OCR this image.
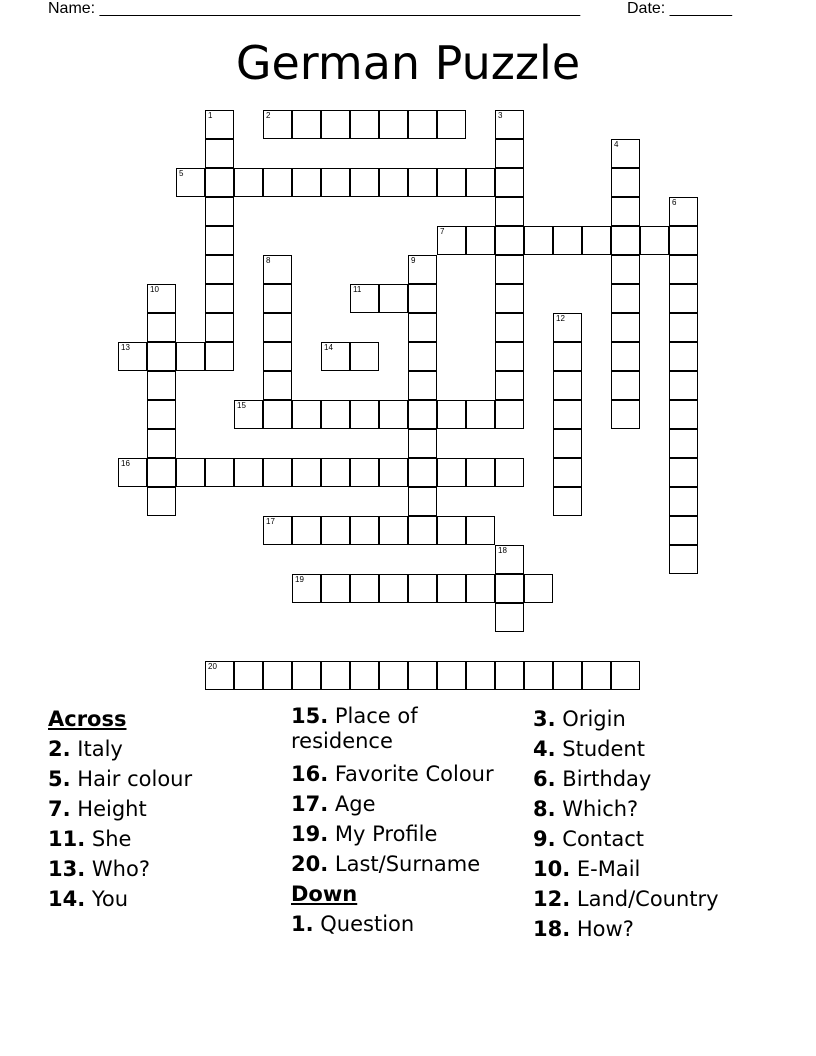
Name: ______________________________________________________	Date: _______
German Puzzle
1	2	3
4
5
6
7
8	9
10	11
12
13	14
15
16
17
18
19
20
Across
2. Italy
5. Hair colour
7. Height
11. She
13. Who?
14. You
15. Place of residence
16. Favorite Colour
17. Age
19. My Profile
20. Last/Surname
Down
1. Question
3. Origin
4. Student
6. Birthday
8. Which?
9. Contact
10. E-Mail
12. Land/Country
18. How?
